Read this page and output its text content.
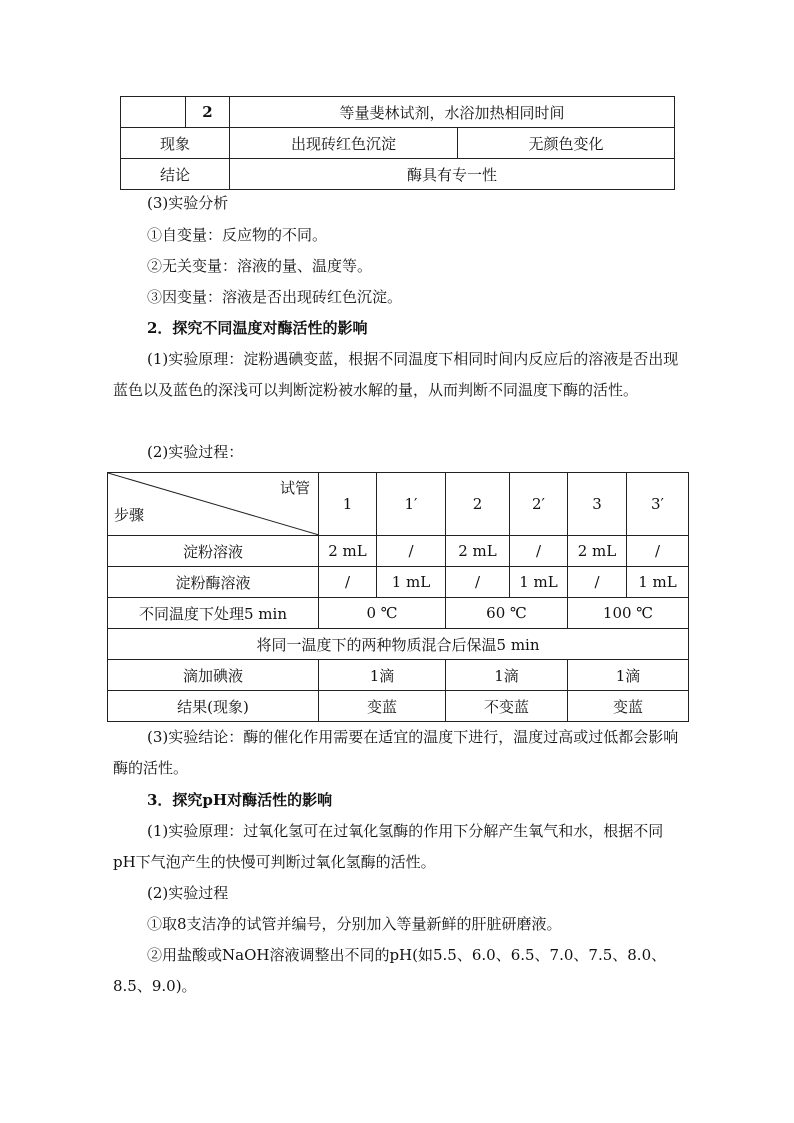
	2	等量斐林试剂，水浴加热相同时间	
现象		出现砖红色沉淀	无颜色变化
结论		酶具有专一性	

(3)实验分析

①自变量：反应物的不同。

②无关变量：溶液的量、温度等。

③因变量：溶液是否出现砖红色沉淀。

2．探究不同温度对酶活性的影响

(1)实验原理：淀粉遇碘变蓝，根据不同温度下相同时间内反应后的溶液是否出现蓝色以及蓝色的深浅可以判断淀粉被水解的量，从而判断不同温度下酶的活性。

(2)实验过程：

试管
步骤	1	1′	2	2′	3	3′
淀粉溶液	2 mL	/	2 mL	/	2 mL	/
淀粉酶溶液	/	1 mL	/	1 mL	/	1 mL
不同温度下处理5 min	0 ℃		60 ℃		100 ℃	
将同一温度下的两种物质混合后保温5 min						
滴加碘液	1滴		1滴		1滴	
结果(现象)	变蓝		不变蓝		变蓝	

(3)实验结论：酶的催化作用需要在适宜的温度下进行，温度过高或过低都会影响酶的活性。

3．探究pH对酶活性的影响

(1)实验原理：过氧化氢可在过氧化氢酶的作用下分解产生氧气和水，根据不同pH下气泡产生的快慢可判断过氧化氢酶的活性。

(2)实验过程

①取8支洁净的试管并编号，分别加入等量新鲜的肝脏研磨液。

②用盐酸或NaOH溶液调整出不同的pH(如5.5、6.0、6.5、7.0、7.5、8.0、8.5、9.0)。
